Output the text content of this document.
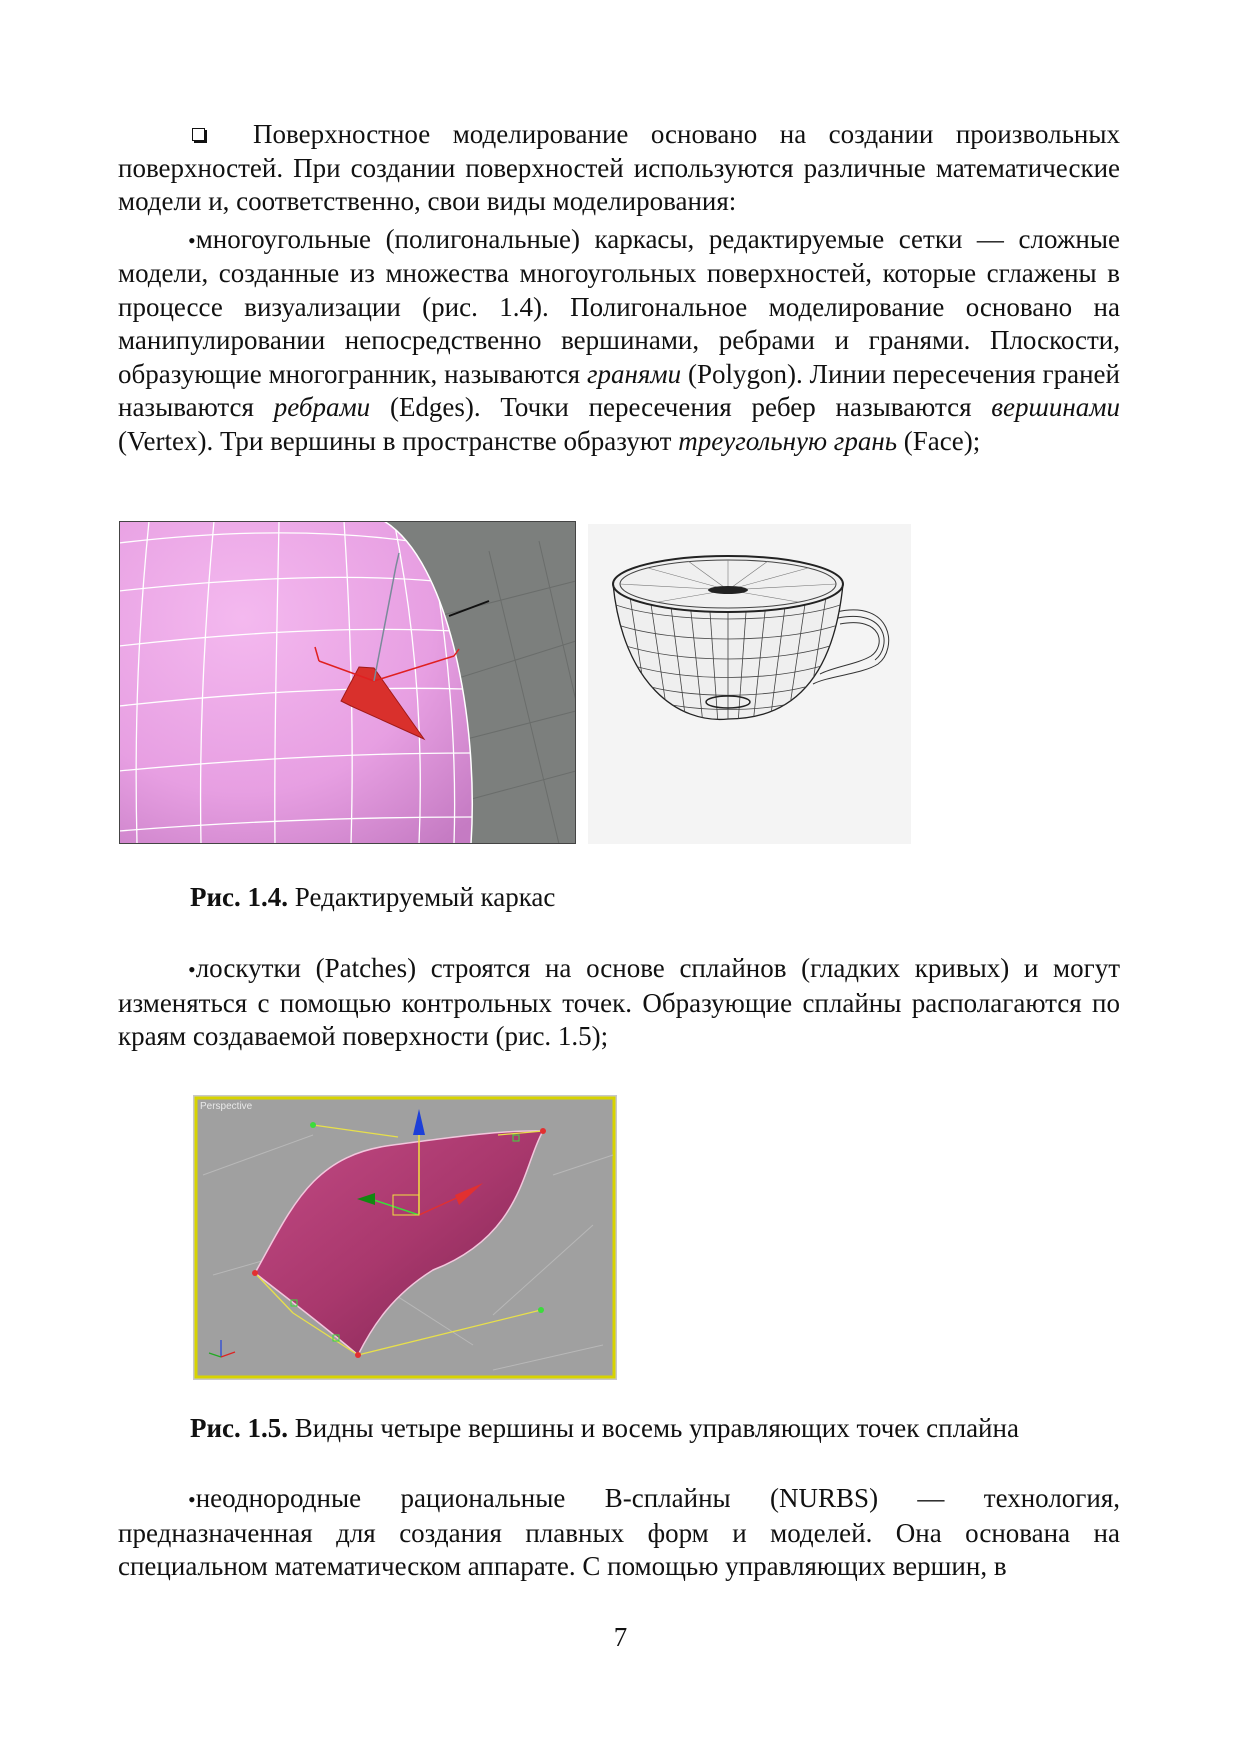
Поверхностное моделирование основано на создании произвольных поверхностей. При создании поверхностей используются различные математические модели и, соответственно, свои виды моделирования:

•многоугольные (полигональные) каркасы, редактируемые сетки — сложные модели, созданные из множества многоугольных поверхностей, которые сглажены в процессе визуализации (рис. 1.4). Полигональное моделирование основано на манипулировании непосредственно вершинами, ребрами и гранями. Плоскости, образующие многогранник, называются гранями (Polygon). Линии пересечения граней называются ребрами (Edges). Точки пересечения ребер называются вершинами (Vertex). Три вершины в пространстве образуют треугольную грань (Face);

Рис. 1.4. Редактируемый каркас

•лоскутки (Patches) строятся на основе сплайнов (гладких кривых) и могут изменяться с помощью контрольных точек. Образующие сплайны располагаются по краям создаваемой поверхности (рис. 1.5);

Perspective
Рис. 1.5. Видны четыре вершины и восемь управляющих точек сплайна

•неоднородные рациональные B-сплайны (NURBS) — технология, предназначенная для создания плавных форм и моделей. Она основана на специальном математическом аппарате. С помощью управляющих вершин, в

7
